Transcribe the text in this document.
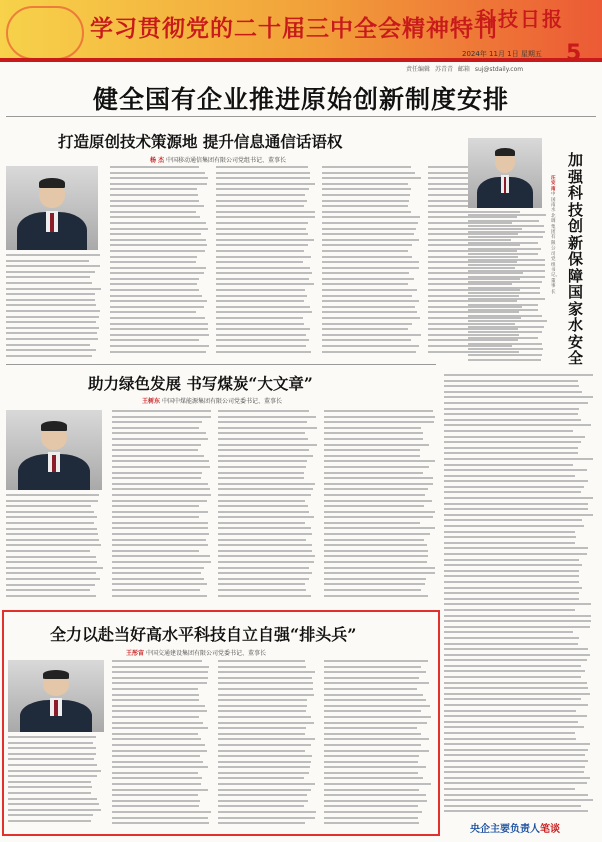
学习贯彻党的二十届三中全会精神特刊
科技日报
2024年 11月 1日 星期五 5
责任编辑 苏青青 邮箱 suj@stdaily.com
健全国有企业推进原始创新制度安排
打造原创技术策源地 提升信息通信话语权
杨 杰 中国移动通信集团有限公司党组书记、董事长	加强科技创新 保障国家水安全
汪安南 中国南水北调集团有限公司党组书记、董事长
助力绿色发展 书写煤炭“大文章”
王树东 中国中煤能源集团有限公司党委书记、董事长
全力以赴当好高水平科技自立自强“排头兵”
王彤宙 中国交通建设集团有限公司党委书记、董事长
央企主要负责人笔谈
